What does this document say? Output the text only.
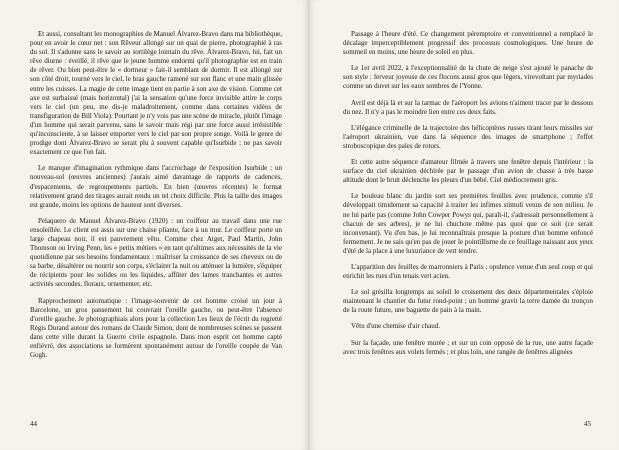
Et aussi, consultant les monographies de Manuel Álvarez-Bravo dans ma bibliothèque, pour en avoir le cœur net : son Rêveur allongé sur un quai de pierre, photographié à ras du sol. Il s'adonne sans le savoir au sortilège lointain du rêve. Álvarez-Bravo, lui, fait un rêve diurne : éveillé, il rêve que le jeune homme endormi qu'il photographie est en train de rêver. Ou bien peut-être le « dormeur » fait-il semblant de dormir. Il est allongé sur son côté droit, tourné vers le ciel, le bras gauche ramené sur son flanc et une main glissée entre les cuisses. La magie de cette image tient en partie à son axe de vision. Comme cet axe est surbaissé (mais horizontal) j'ai la sensation qu'une force invisible attire le corps vers le ciel (un peu, me dis-je maladroitement, comme dans certaines vidéos de transfiguration de Bill Viola). Pourtant je n'y vois pas une scène de miracle, plutôt l'image d'un homme qui serait parvenu, sans le savoir mais régi par une force aussi irrésistible qu'inconsciente, à se laisser emporter vers le ciel par son propre songe. Voilà le genre de prodige dont Álvarez-Bravo se serait plu à souvent capable qu'Isurbide : ne pas savoir exactement ce que l'on fait.

Le manque d'imagination rythmique dans l'accrochage de l'exposition Isurbide : un nouveau-sol (œuvres anciennes) j'aurais aimé davantage de rapports de cadences, d'espacements, de regroupements partiels. En bien (œuvres récentes) le format relativement grand des tirages aurait rendu un tel choix difficile. Plus la taille des images est grande, moins les options de hauteur sont diverses.

Pelaquero de Manuel Álvarez-Bravo (1920) : un coiffeur au travail dans une rue ensoleillée. Le client est assis sur une chaise pliante, face à un mur. Le coiffeur porte un large chapeau noir, il est pauvrement vêtu. Comme chez Atget, Paul Martin, John Thomson ou Irving Penn, les « petits métiers » en tant qu'ultimes aux nécessités de la vie quotidienne par ses besoins fondamentaux : maîtriser la croissance de ses cheveux ou de sa barbe, désaltérer ou nourrir son corps, s'éclairer la nuit ou atténuer la lumière, s'équiper de récipients pour les solides ou les liquides, affûter des lames tranchantes et autres activités secondes, floraux, ornementer, etc.

Rapprochement automatique : l'image-souvenir de cet homme croisé un jour à Barcelone, un gros pansement lui couvrant l'oreille gauche, ou peut-être l'absence d'oreille gauche. Je photographiais alors pour la collection Les lieux de l'écrit du regretté Régis Durand autour des romans de Claude Simon, dont de nombreuses scènes se passent dans cette ville durant la Guerre civile espagnole. Dans mon esprit cet homme capté enfiévré, des associations se formèrent spontanément autour de l'oreille coupée de Van Gogh.

44

Passage à l'heure d'été. Ce changement péremptoire et conventionnel a remplacé le décalage imperceptiblement progressif des processus cosmologiques. Une heure de sommeil en moins, une heure de soleil en plus.

Le 1er avril 2022, à l'exceptionnalité de la chute de neige s'est ajouté le panache de son style : ferveur joyeuse de ces flocons aussi gros que légers, virevoltant par myriades comme un duvet sur les eaux sombres de l'Yonne.

Avril est déjà là et sur la tarmac de l'aéroport les avions n'aiment tracer par le dessous du nez. Il n'y a pas le moindre lien entre ces deux faits.

L'élégance criminelle de la trajectoire des hélicoptères russes tirant leurs missiles sur l'aéroport ukrainien, vue dans la séquence des images de smartphone ; l'effet stroboscopique des pales de rotors.

Et cette autre séquence d'amateur filmée à travers une fenêtre depuis l'intérieur : la surface du ciel ukrainien déchirée par le passage d'un avion de chasse à très basse altitude dont le bruit déclenche les pleurs d'un bébé. Ciel médiocrement gris.

Le bouleau blanc du jardin sort ses premières feuilles avec prudence, comme s'il développait timidement sa capacité à traiter les infimes stimuli venus de son milieu. Je ne lui parle pas (comme John Cowper Powys qui, paraît-il, s'adressait personnellement à chacun de ses arbres), je ne lui chuchote même pas quoi que ce soit (ce serait inconvenant). Vu d'en bas, je lui reconnaîtrais presque la posture d'un homme enfoncé fermement. Je ne sais qu'en pas de jouer le pointillisme de ce feuillage naissant aux yeux d'été de la place à une luxuriance de vert tendre.

L'apparition des feuilles de marronniers à Paris : opulence venue d'un seul coup et qui enrichit les rues d'un tenais vert acien.

Le sol grésilla longtemps au soleil le croisement des deux départementales s'éploie maintenant le chantier du futur rond-point ; un homme gravit la terre damée du tronçon de la route future, une baguette de pain à la main.

Vêtu d'une chemise d'air chaud.

Sur la façade, une fenêtre murée ; et sur un coin opposé de la rue, une autre façade avec trois fenêtres aux volets fermés ; et plus loin, une rangée de fenêtres alignées

45
